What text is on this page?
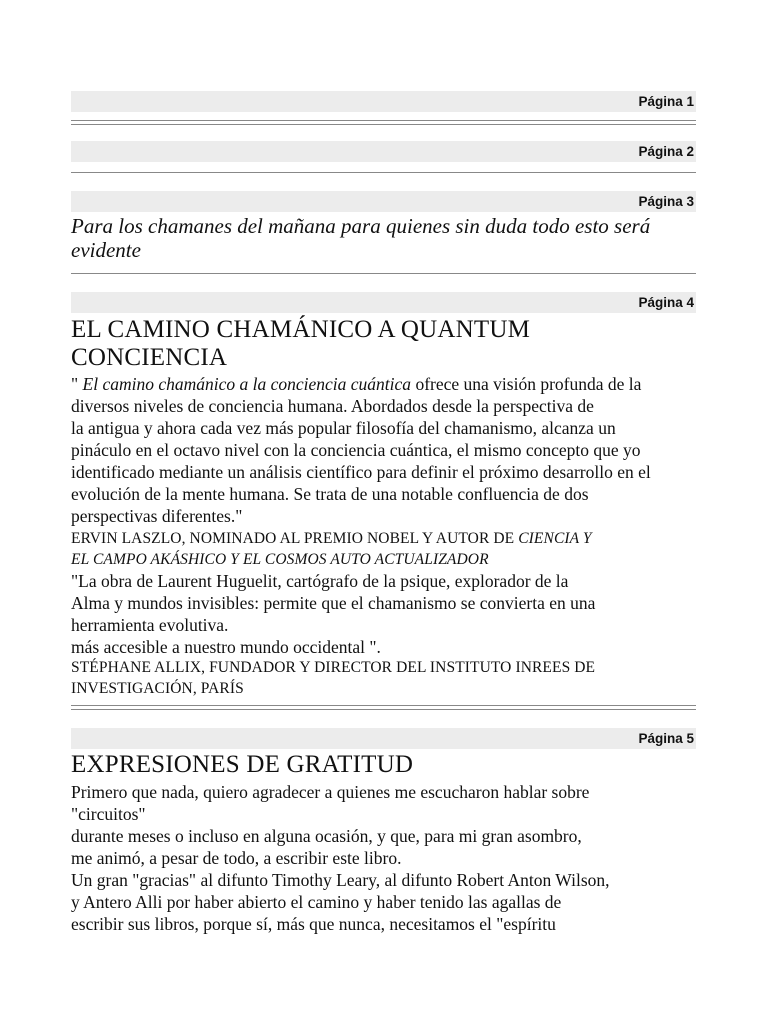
Página 1
Página 2
Página 3
Para los chamanes del mañana para quienes sin duda todo esto será
evidente
Página 4
EL CAMINO CHAMÁNICO A QUANTUM
CONCIENCIA

" El camino chamánico a la conciencia cuántica ofrece una visión profunda de la

diversos niveles de conciencia humana. Abordados desde la perspectiva de

la antigua y ahora cada vez más popular filosofía del chamanismo, alcanza un

pináculo en el octavo nivel con la conciencia cuántica, el mismo concepto que yo

identificado mediante un análisis científico para definir el próximo desarrollo en el

evolución de la mente humana. Se trata de una notable confluencia de dos

perspectivas diferentes."

ERVIN LASZLO, NOMINADO AL PREMIO NOBEL Y AUTOR DE CIENCIA Y
EL CAMPO AKÁSHICO Y EL COSMOS AUTO ACTUALIZADOR

"La obra de Laurent Huguelit, cartógrafo de la psique, explorador de la

Alma y mundos invisibles: permite que el chamanismo se convierta en una

herramienta evolutiva.

más accesible a nuestro mundo occidental ".

STÉPHANE ALLIX, FUNDADOR Y DIRECTOR DEL INSTITUTO INREES DE
INVESTIGACIÓN, PARÍS
Página 5
EXPRESIONES DE GRATITUD

Primero que nada, quiero agradecer a quienes me escucharon hablar sobre

"circuitos"

durante meses o incluso en alguna ocasión, y que, para mi gran asombro,

me animó, a pesar de todo, a escribir este libro.

Un gran "gracias" al difunto Timothy Leary, al difunto Robert Anton Wilson,

y Antero Alli por haber abierto el camino y haber tenido las agallas de

escribir sus libros, porque sí, más que nunca, necesitamos el "espíritu
